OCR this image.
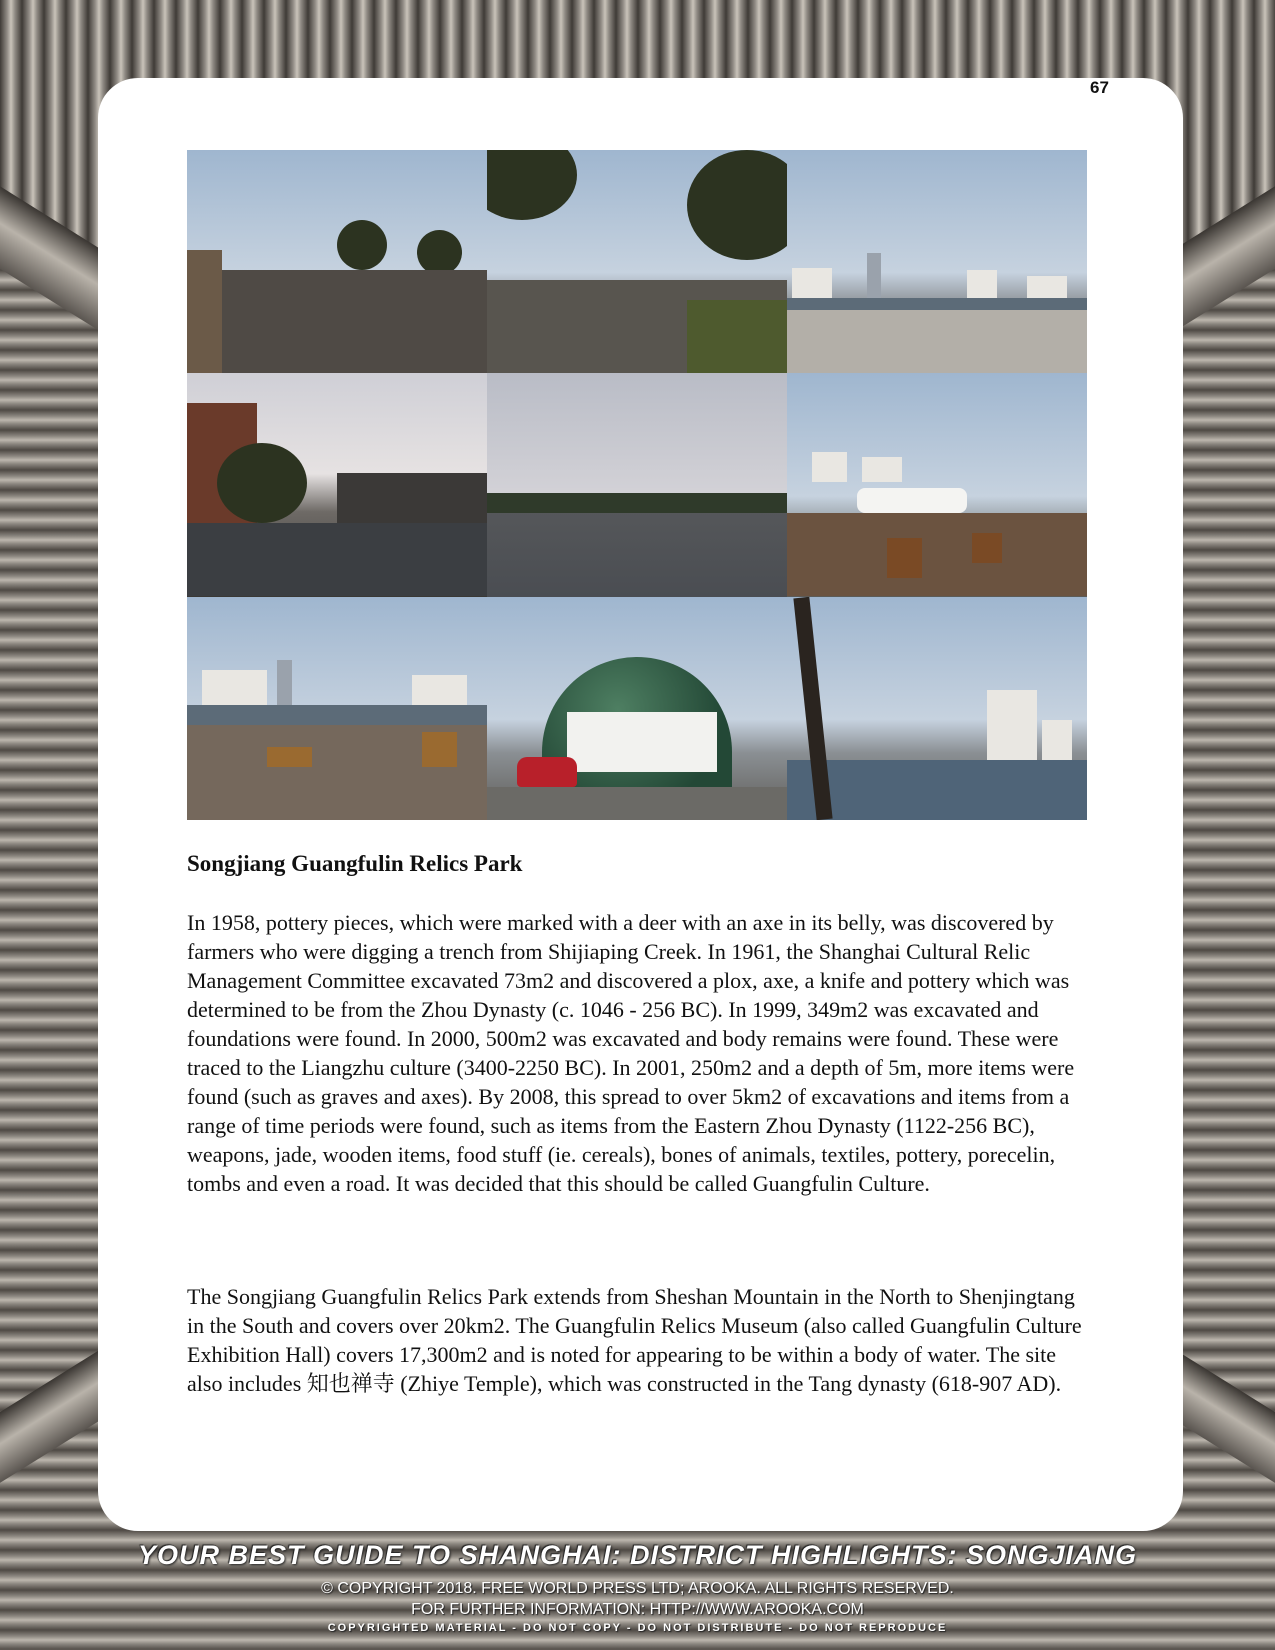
67
Songjiang Guangfulin Relics Park

In 1958, pottery pieces, which were marked with a deer with an axe in its belly, was discovered by farmers who were digging a trench from Shijiaping Creek. In 1961, the Shanghai Cultural Relic Management Committee excavated 73m2 and discovered a plox, axe, a knife and pottery which was determined to be from the Zhou Dynasty (c. 1046 - 256 BC). In 1999, 349m2 was excavated and foundations were found. In 2000, 500m2 was excavated and body remains were found. These were traced to the Liangzhu culture (3400-2250 BC). In 2001, 250m2 and a depth of 5m, more items were found (such as graves and axes). By 2008, this spread to over 5km2 of excavations and items from a range of time periods were found, such as items from the Eastern Zhou Dynasty (1122-256 BC), weapons, jade, wooden items, food stuff (ie. cereals), bones of animals, textiles, pottery, porecelin, tombs and even a road. It was decided that this should be called Guangfulin Culture.

The Songjiang Guangfulin Relics Park extends from Sheshan Mountain in the North to Shenjingtang in the South and covers over 20km2. The Guangfulin Relics Museum (also called Guangfulin Culture Exhibition Hall) covers 17,300m2 and is noted for appearing to be within a body of water. The site also includes 知也禅寺 (Zhiye Temple), which was constructed in the Tang dynasty (618-907 AD).

YOUR BEST GUIDE TO SHANGHAI: DISTRICT HIGHLIGHTS: SONGJIANG
© COPYRIGHT 2018. FREE WORLD PRESS LTD; AROOKA. ALL RIGHTS RESERVED.
FOR FURTHER INFORMATION: HTTP://WWW.AROOKA.COM
COPYRIGHTED MATERIAL - DO NOT COPY - DO NOT DISTRIBUTE - DO NOT REPRODUCE
